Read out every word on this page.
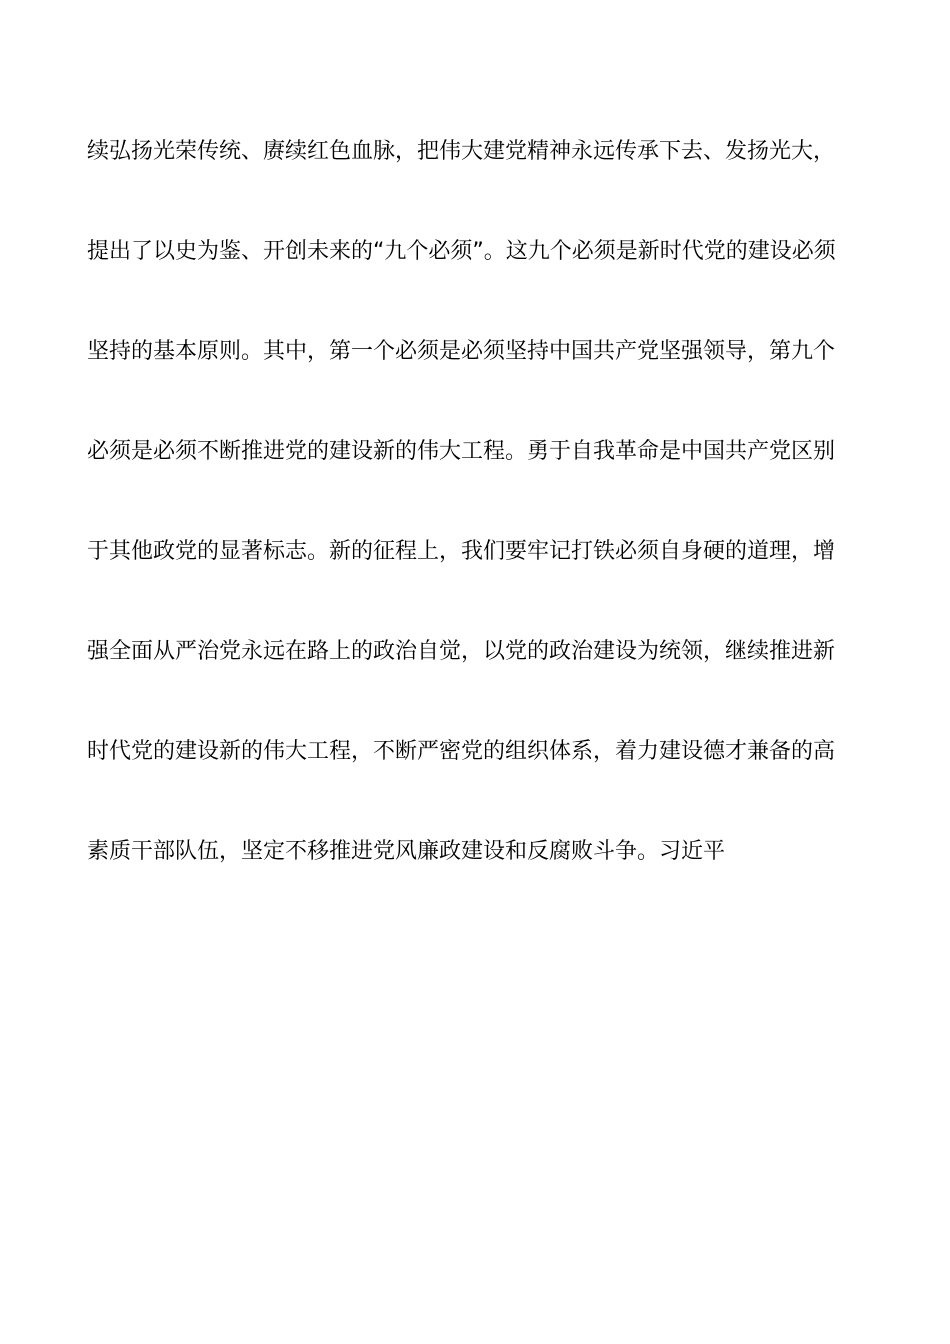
续弘扬光荣传统、赓续红色血脉，把伟大建党精神永远传承下去、发扬光大，
提出了以史为鉴、开创未来的“九个必须”。这九个必须是新时代党的建设必须
坚持的基本原则。其中，第一个必须是必须坚持中国共产党坚强领导，第九个
必须是必须不断推进党的建设新的伟大工程。勇于自我革命是中国共产党区别
于其他政党的显著标志。新的征程上，我们要牢记打铁必须自身硬的道理，增
强全面从严治党永远在路上的政治自觉，以党的政治建设为统领，继续推进新
时代党的建设新的伟大工程，不断严密党的组织体系，着力建设德才兼备的高
素质干部队伍，坚定不移推进党风廉政建设和反腐败斗争。习近平
